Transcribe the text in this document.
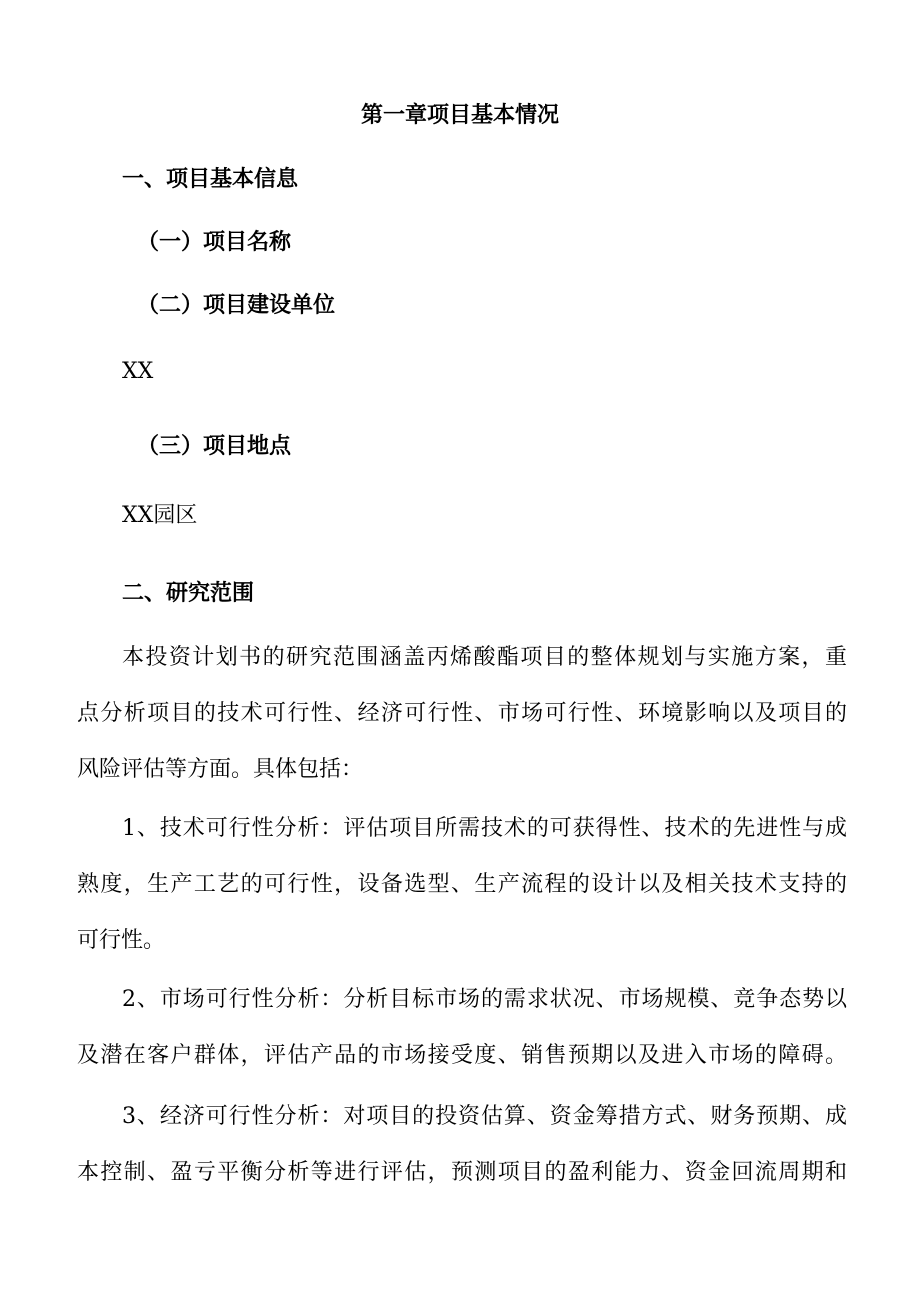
第一章项目基本情况

一、项目基本信息

（一）项目名称

（二）项目建设单位

XX

（三）项目地点

XX园区

二、研究范围

本投资计划书的研究范围涵盖丙烯酸酯项目的整体规划与实施方案，重

点分析项目的技术可行性、经济可行性、市场可行性、环境影响以及项目的

风险评估等方面。具体包括：

1、技术可行性分析：评估项目所需技术的可获得性、技术的先进性与成

熟度，生产工艺的可行性，设备选型、生产流程的设计以及相关技术支持的

可行性。

2、市场可行性分析：分析目标市场的需求状况、市场规模、竞争态势以

及潜在客户群体，评估产品的市场接受度、销售预期以及进入市场的障碍。

3、经济可行性分析：对项目的投资估算、资金筹措方式、财务预期、成

本控制、盈亏平衡分析等进行评估，预测项目的盈利能力、资金回流周期和
